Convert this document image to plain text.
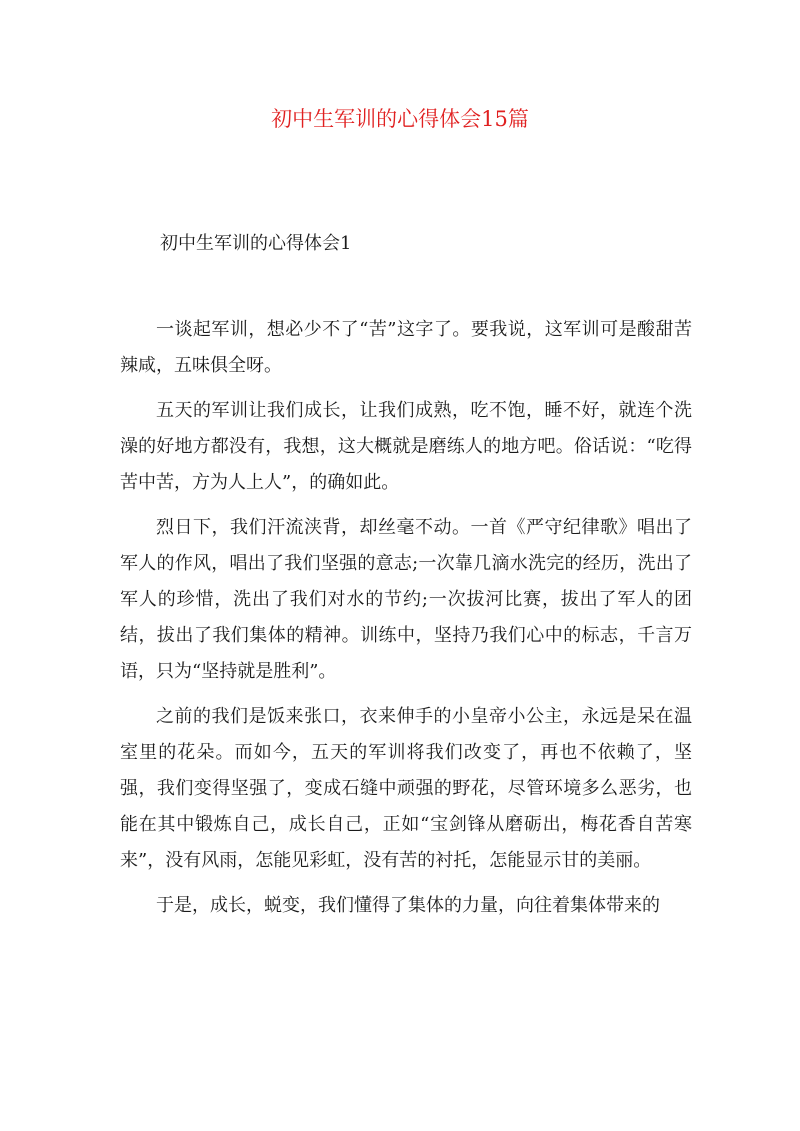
初中生军训的心得体会15篇
初中生军训的心得体会1

一谈起军训，想必少不了“苦”这字了。要我说，这军训可是酸甜苦辣咸，五味俱全呀。

五天的军训让我们成长，让我们成熟，吃不饱，睡不好，就连个洗澡的好地方都没有，我想，这大概就是磨练人的地方吧。俗话说：“吃得苦中苦，方为人上人”，的确如此。

烈日下，我们汗流浃背，却丝毫不动。一首《严守纪律歌》唱出了军人的作风，唱出了我们坚强的意志;一次靠几滴水洗完的经历，洗出了军人的珍惜，洗出了我们对水的节约;一次拔河比赛，拔出了军人的团结，拔出了我们集体的精神。训练中，坚持乃我们心中的标志，千言万语，只为“坚持就是胜利”。

之前的我们是饭来张口，衣来伸手的小皇帝小公主，永远是呆在温室里的花朵。而如今，五天的军训将我们改变了，再也不依赖了，坚强，我们变得坚强了，变成石缝中顽强的野花，尽管环境多么恶劣，也能在其中锻炼自己，成长自己，正如“宝剑锋从磨砺出，梅花香自苦寒来”，没有风雨，怎能见彩虹，没有苦的衬托，怎能显示甘的美丽。

于是，成长，蜕变，我们懂得了集体的力量，向往着集体带来的
